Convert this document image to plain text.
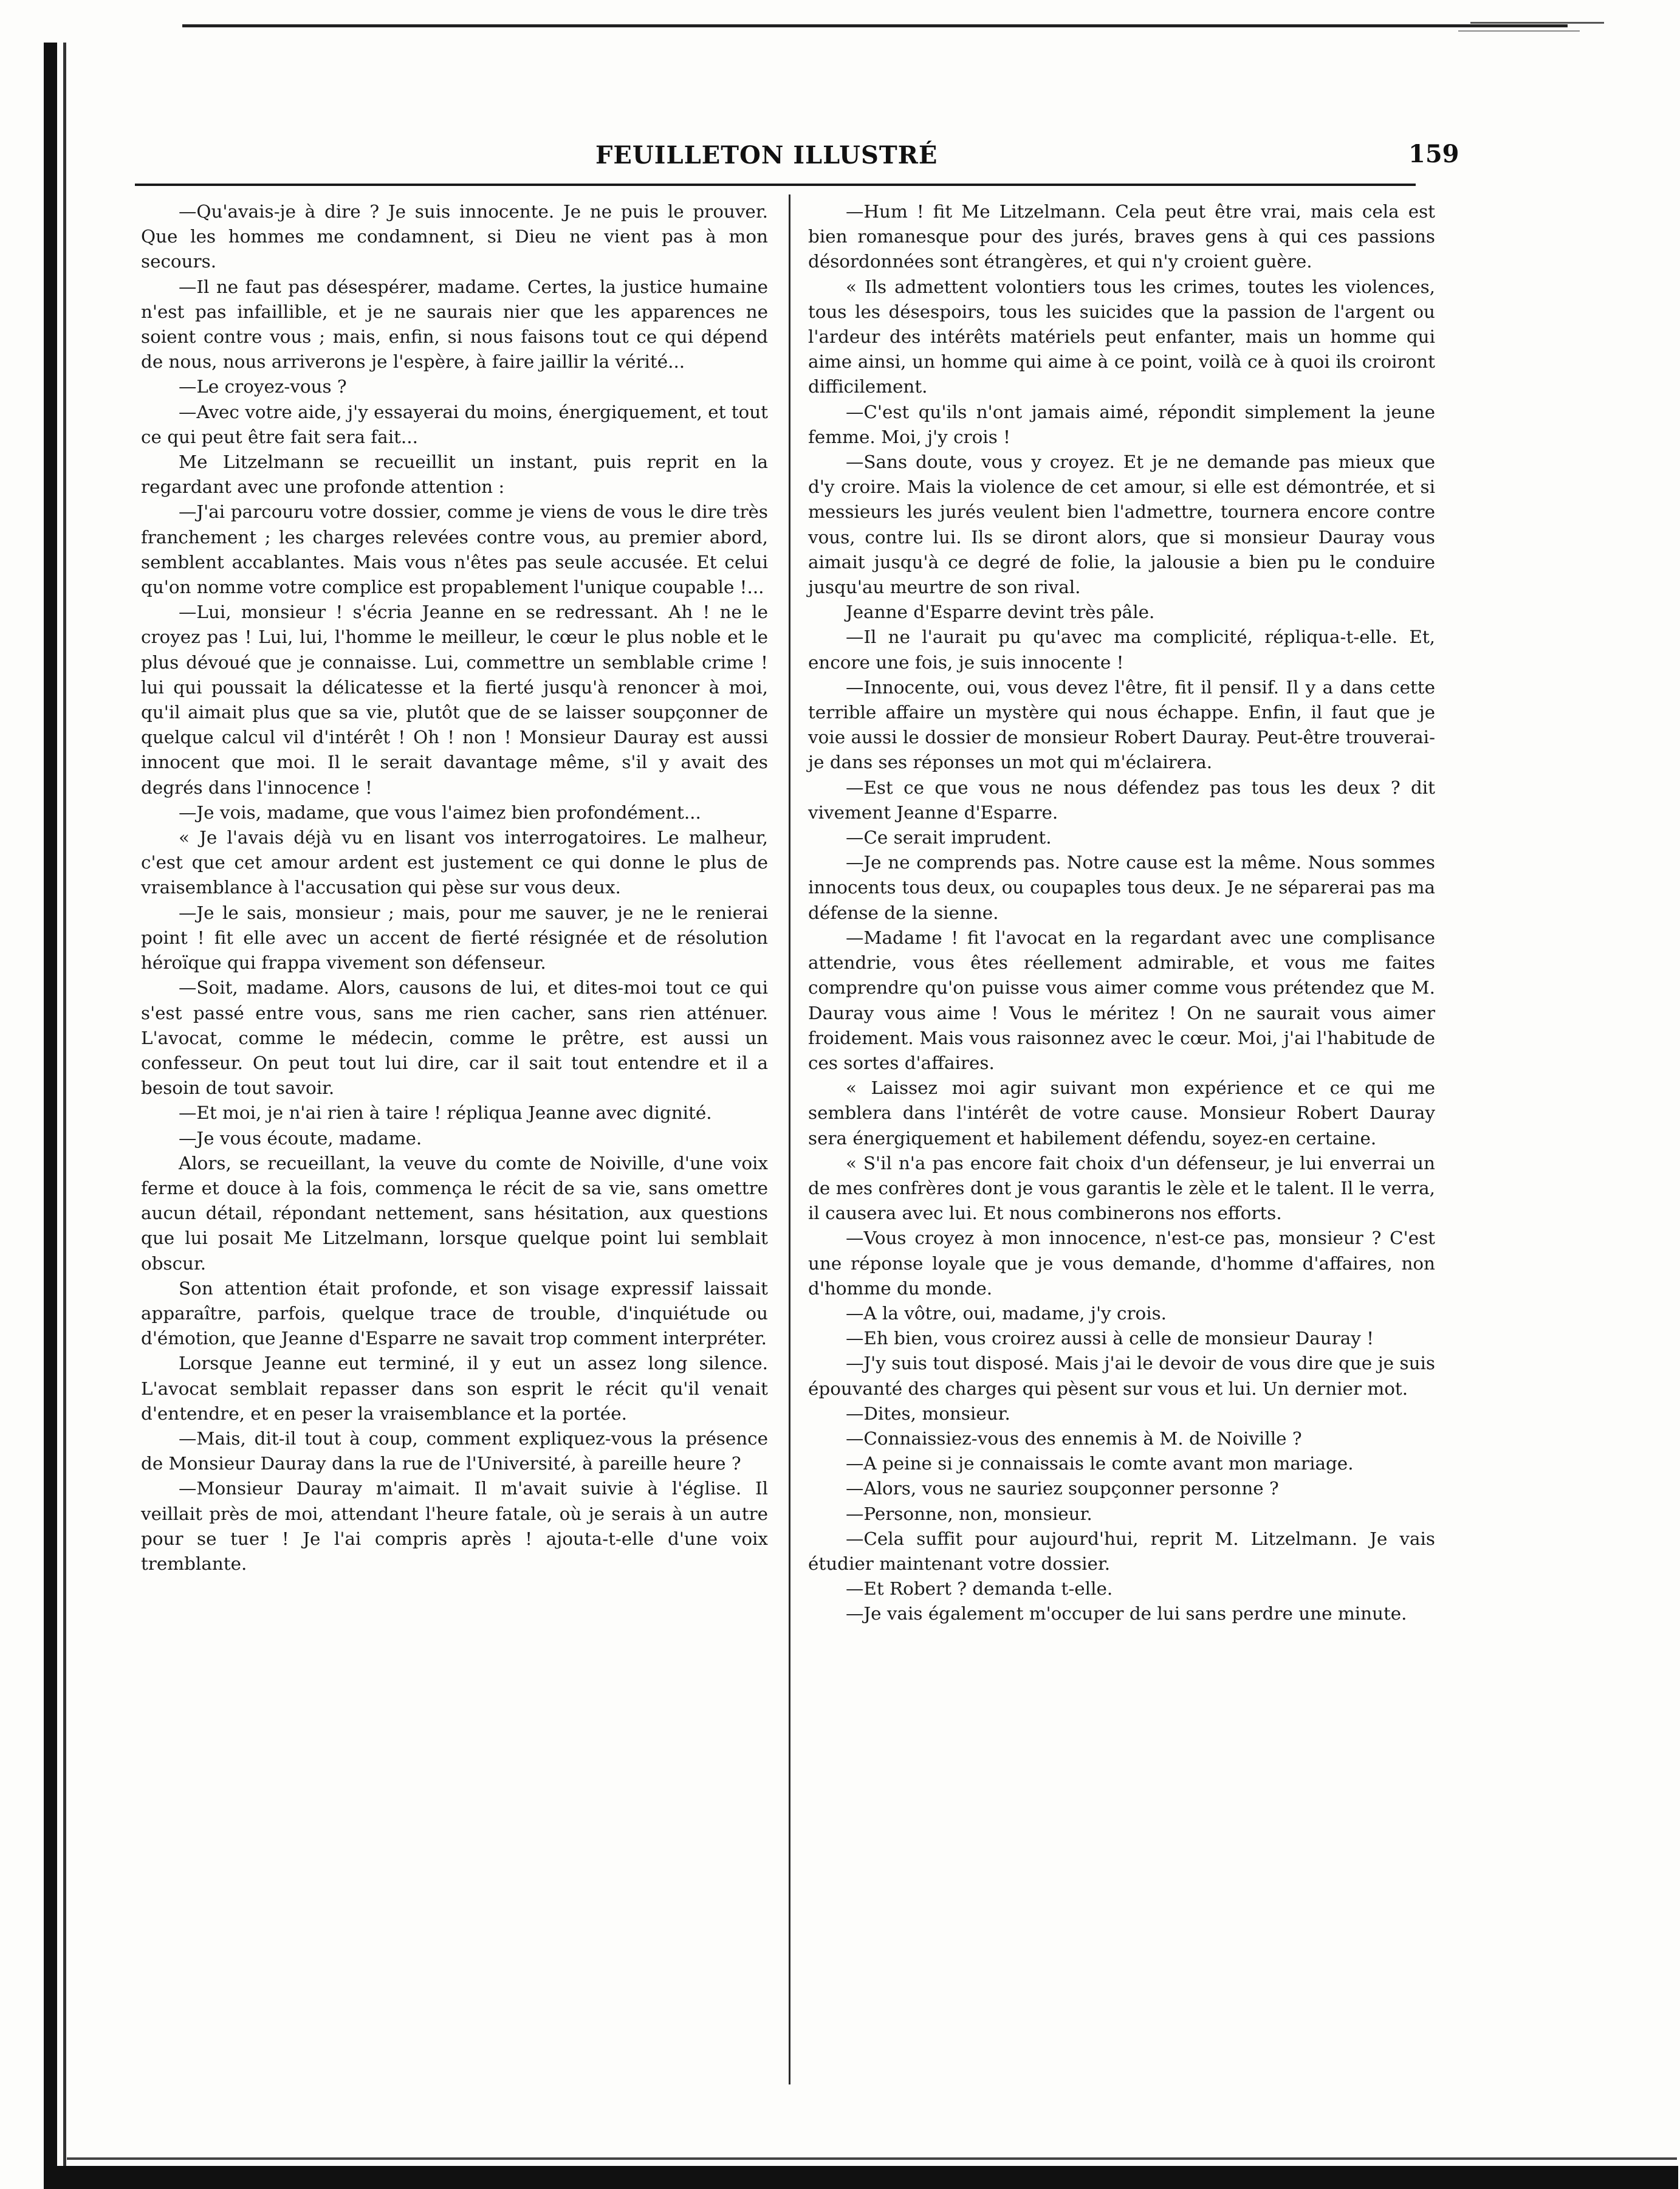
FEUILLETON ILLUSTRÉ	159

—Qu'avais-je à dire ? Je suis innocente. Je ne puis le prouver. Que les hommes me condamnent, si Dieu ne vient pas à mon secours.

—Il ne faut pas désespérer, madame. Certes, la justice humaine n'est pas infaillible, et je ne saurais nier que les apparences ne soient contre vous ; mais, enfin, si nous faisons tout ce qui dépend de nous, nous arriverons je l'espère, à faire jaillir la vérité...

—Le croyez-vous ?

—Avec votre aide, j'y essayerai du moins, énergiquement, et tout ce qui peut être fait sera fait...

Me Litzelmann se recueillit un instant, puis reprit en la regardant avec une profonde attention :

—J'ai parcouru votre dossier, comme je viens de vous le dire très franchement ; les charges relevées contre vous, au premier abord, semblent accablantes. Mais vous n'êtes pas seule accusée. Et celui qu'on nomme votre complice est propablement l'unique coupable !...

—Lui, monsieur ! s'écria Jeanne en se redressant. Ah ! ne le croyez pas ! Lui, lui, l'homme le meilleur, le cœur le plus noble et le plus dévoué que je connaisse. Lui, commettre un semblable crime ! lui qui poussait la délicatesse et la fierté jusqu'à renoncer à moi, qu'il aimait plus que sa vie, plutôt que de se laisser soupçonner de quelque calcul vil d'intérêt ! Oh ! non ! Monsieur Dauray est aussi innocent que moi. Il le serait davantage même, s'il y avait des degrés dans l'innocence !

—Je vois, madame, que vous l'aimez bien profondément...

« Je l'avais déjà vu en lisant vos interrogatoires. Le malheur, c'est que cet amour ardent est justement ce qui donne le plus de vraisemblance à l'accusation qui pèse sur vous deux.

—Je le sais, monsieur ; mais, pour me sauver, je ne le renierai point ! fit elle avec un accent de fierté résignée et de résolution héroïque qui frappa vivement son défenseur.

—Soit, madame. Alors, causons de lui, et dites-moi tout ce qui s'est passé entre vous, sans me rien cacher, sans rien atténuer. L'avocat, comme le médecin, comme le prêtre, est aussi un confesseur. On peut tout lui dire, car il sait tout entendre et il a besoin de tout savoir.

—Et moi, je n'ai rien à taire ! répliqua Jeanne avec dignité.

—Je vous écoute, madame.

Alors, se recueillant, la veuve du comte de Noiville, d'une voix ferme et douce à la fois, commença le récit de sa vie, sans omettre aucun détail, répondant nettement, sans hésitation, aux questions que lui posait Me Litzelmann, lorsque quelque point lui semblait obscur.

Son attention était profonde, et son visage expressif laissait apparaître, parfois, quelque trace de trouble, d'inquiétude ou d'émotion, que Jeanne d'Esparre ne savait trop comment interpréter.

Lorsque Jeanne eut terminé, il y eut un assez long silence. L'avocat semblait repasser dans son esprit le récit qu'il venait d'entendre, et en peser la vraisemblance et la portée.

—Mais, dit-il tout à coup, comment expliquez-vous la présence de Monsieur Dauray dans la rue de l'Université, à pareille heure ?

—Monsieur Dauray m'aimait. Il m'avait suivie à l'église. Il veillait près de moi, attendant l'heure fatale, où je serais à un autre pour se tuer ! Je l'ai compris après ! ajouta-t-elle d'une voix tremblante.

—Hum ! fit Me Litzelmann. Cela peut être vrai, mais cela est bien romanesque pour des jurés, braves gens à qui ces passions désordonnées sont étrangères, et qui n'y croient guère.

« Ils admettent volontiers tous les crimes, toutes les violences, tous les désespoirs, tous les suicides que la passion de l'argent ou l'ardeur des intérêts matériels peut enfanter, mais un homme qui aime ainsi, un homme qui aime à ce point, voilà ce à quoi ils croiront difficilement.

—C'est qu'ils n'ont jamais aimé, répondit simplement la jeune femme. Moi, j'y crois !

—Sans doute, vous y croyez. Et je ne demande pas mieux que d'y croire. Mais la violence de cet amour, si elle est démontrée, et si messieurs les jurés veulent bien l'admettre, tournera encore contre vous, contre lui. Ils se diront alors, que si monsieur Dauray vous aimait jusqu'à ce degré de folie, la jalousie a bien pu le conduire jusqu'au meurtre de son rival.

Jeanne d'Esparre devint très pâle.

—Il ne l'aurait pu qu'avec ma complicité, répliqua-t-elle. Et, encore une fois, je suis innocente !

—Innocente, oui, vous devez l'être, fit il pensif. Il y a dans cette terrible affaire un mystère qui nous échappe. Enfin, il faut que je voie aussi le dossier de monsieur Robert Dauray. Peut-être trouverai-je dans ses réponses un mot qui m'éclairera.

—Est ce que vous ne nous défendez pas tous les deux ? dit vivement Jeanne d'Esparre.

—Ce serait imprudent.

—Je ne comprends pas. Notre cause est la même. Nous sommes innocents tous deux, ou coupaples tous deux. Je ne séparerai pas ma défense de la sienne.

—Madame ! fit l'avocat en la regardant avec une complisance attendrie, vous êtes réellement admirable, et vous me faites comprendre qu'on puisse vous aimer comme vous prétendez que M. Dauray vous aime ! Vous le méritez ! On ne saurait vous aimer froidement. Mais vous raisonnez avec le cœur. Moi, j'ai l'habitude de ces sortes d'affaires.

« Laissez moi agir suivant mon expérience et ce qui me semblera dans l'intérêt de votre cause. Monsieur Robert Dauray sera énergiquement et habilement défendu, soyez-en certaine.

« S'il n'a pas encore fait choix d'un défenseur, je lui enverrai un de mes confrères dont je vous garantis le zèle et le talent. Il le verra, il causera avec lui. Et nous combinerons nos efforts.

—Vous croyez à mon innocence, n'est-ce pas, monsieur ? C'est une réponse loyale que je vous demande, d'homme d'affaires, non d'homme du monde.

—A la vôtre, oui, madame, j'y crois.

—Eh bien, vous croirez aussi à celle de monsieur Dauray !

—J'y suis tout disposé. Mais j'ai le devoir de vous dire que je suis épouvanté des charges qui pèsent sur vous et lui. Un dernier mot.

—Dites, monsieur.

—Connaissiez-vous des ennemis à M. de Noiville ?

—A peine si je connaissais le comte avant mon mariage.

—Alors, vous ne sauriez soupçonner personne ?

—Personne, non, monsieur.

—Cela suffit pour aujourd'hui, reprit M. Litzelmann. Je vais étudier maintenant votre dossier.

—Et Robert ? demanda t-elle.

—Je vais également m'occuper de lui sans perdre une minute.
